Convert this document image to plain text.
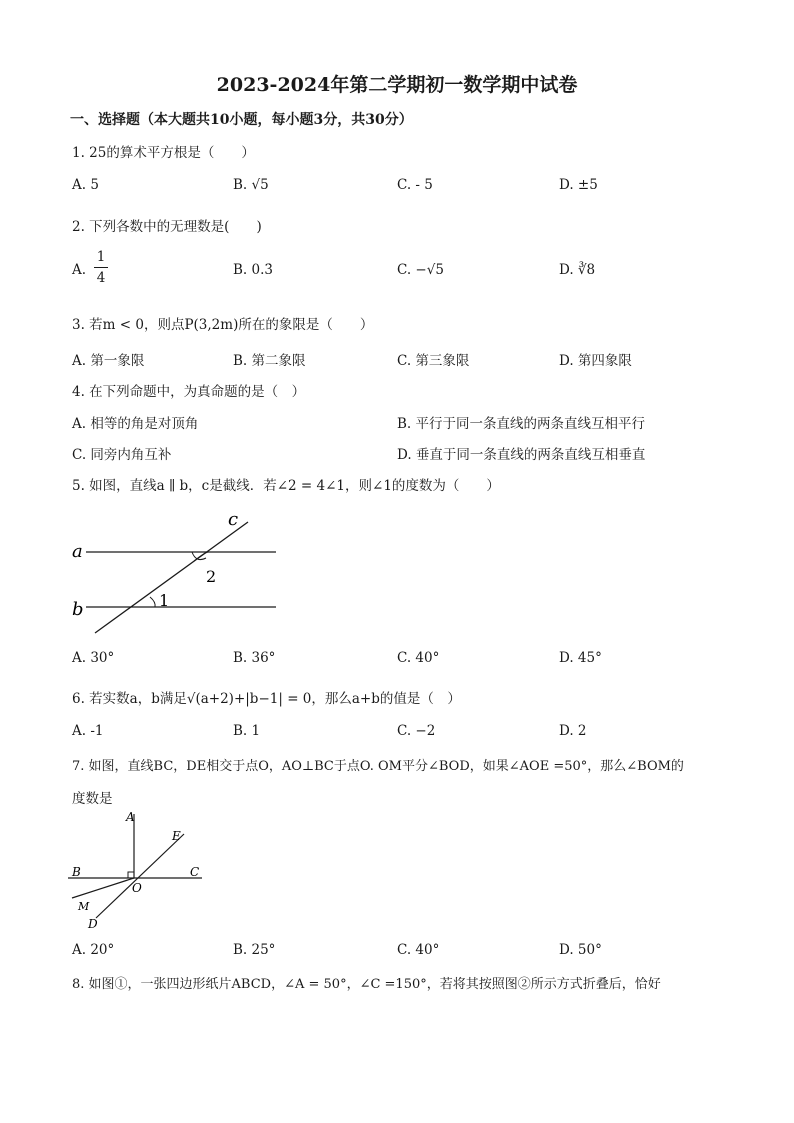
2023-2024年第二学期初一数学期中试卷
一、选择题（本大题共10小题，每小题3分，共30分）
1. 25的算术平方根是（　　）
A. 5	B. √5	C. - 5	D. ±5
2. 下列各数中的无理数是(　　)
A. $\frac{1}{4}$	B. 0.3̇	C. −√5	D. ∛8
3. 若m < 0，则点P(3,2m)所在的象限是（　　）
A. 第一象限	B. 第二象限	C. 第三象限	D. 第四象限
4. 在下列命题中，为真命题的是（　）
A. 相等的角是对顶角	B. 平行于同一条直线的两条直线互相平行
C. 同旁内角互补	D. 垂直于同一条直线的两条直线互相垂直
5. 如图，直线a ∥ b，c是截线．若∠2 = 4∠1，则∠1的度数为（　　）
a
b
c
1
2
A. 30°	B. 36°	C. 40°	D. 45°
6. 若实数a，b满足√(a+2)+|b−1| = 0，那么a+b的值是（　）
A. -1	B. 1	C. −2	D. 2
7. 如图，直线BC，DE相交于点O，AO⊥BC于点O. OM平分∠BOD，如果∠AOE =50°，那么∠BOM的
度数是
A
E
B	C
O
M
D
A. 20°	B. 25°	C. 40°	D. 50°
8. 如图①，一张四边形纸片ABCD，∠A = 50°，∠C =150°，若将其按照图②所示方式折叠后，恰好
